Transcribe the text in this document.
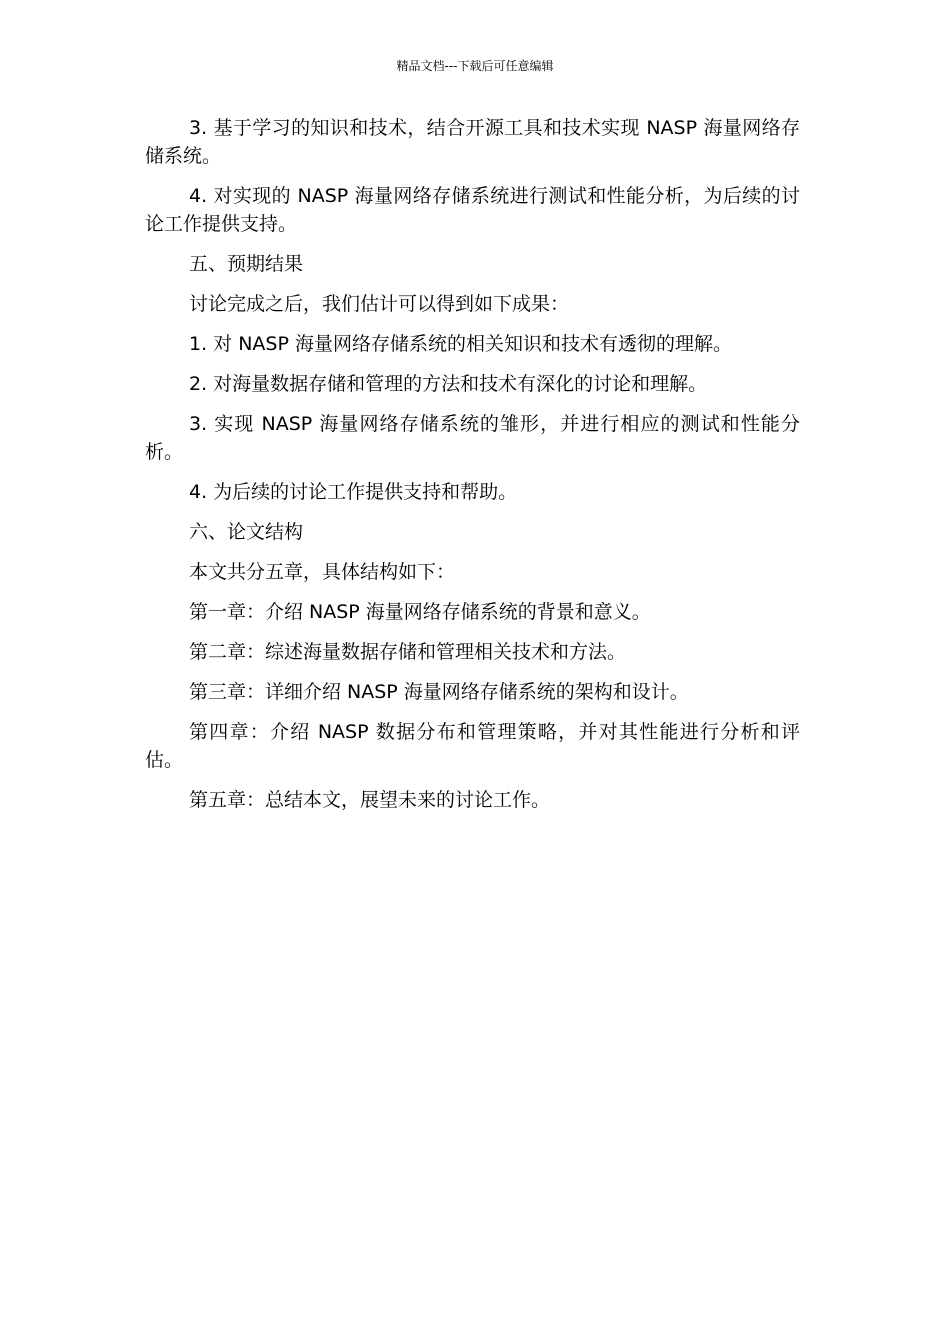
精品文档---下载后可任意编辑

3. 基于学习的知识和技术，结合开源工具和技术实现 NASP 海量网络存储系统。

4. 对实现的 NASP 海量网络存储系统进行测试和性能分析，为后续的讨论工作提供支持。

五、预期结果

讨论完成之后，我们估计可以得到如下成果：

1. 对 NASP 海量网络存储系统的相关知识和技术有透彻的理解。

2. 对海量数据存储和管理的方法和技术有深化的讨论和理解。

3. 实现 NASP 海量网络存储系统的雏形，并进行相应的测试和性能分析。

4. 为后续的讨论工作提供支持和帮助。

六、论文结构

本文共分五章，具体结构如下：

第一章：介绍 NASP 海量网络存储系统的背景和意义。

第二章：综述海量数据存储和管理相关技术和方法。

第三章：详细介绍 NASP 海量网络存储系统的架构和设计。

第四章：介绍 NASP 数据分布和管理策略，并对其性能进行分析和评估。

第五章：总结本文，展望未来的讨论工作。
